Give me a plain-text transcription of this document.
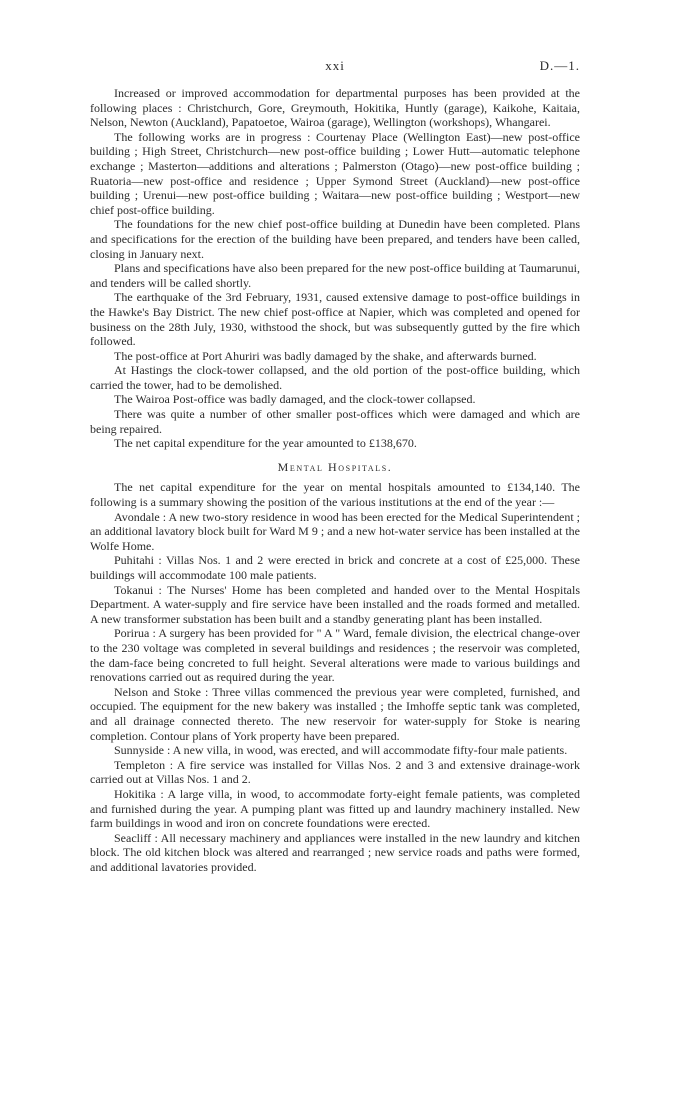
xxi	D.—1.

Increased or improved accommodation for departmental purposes has been provided at the following places : Christchurch, Gore, Greymouth, Hokitika, Huntly (garage), Kaikohe, Kaitaia, Nelson, Newton (Auckland), Papatoetoe, Wairoa (garage), Wellington (workshops), Whangarei.

The following works are in progress : Courtenay Place (Wellington East)—new post-office building ; High Street, Christchurch—new post-office building ; Lower Hutt—automatic telephone exchange ; Masterton—additions and alterations ; Palmerston (Otago)—new post-office building ; Ruatoria—new post-office and residence ; Upper Symond Street (Auckland)—new post-office building ; Urenui—new post-office building ; Waitara—new post-office building ; Westport—new chief post-office building.

The foundations for the new chief post-office building at Dunedin have been completed. Plans and specifications for the erection of the building have been prepared, and tenders have been called, closing in January next.

Plans and specifications have also been prepared for the new post-office building at Taumarunui, and tenders will be called shortly.

The earthquake of the 3rd February, 1931, caused extensive damage to post-office buildings in the Hawke's Bay District. The new chief post-office at Napier, which was completed and opened for business on the 28th July, 1930, withstood the shock, but was subsequently gutted by the fire which followed.

The post-office at Port Ahuriri was badly damaged by the shake, and afterwards burned.

At Hastings the clock-tower collapsed, and the old portion of the post-office building, which carried the tower, had to be demolished.

The Wairoa Post-office was badly damaged, and the clock-tower collapsed.

There was quite a number of other smaller post-offices which were damaged and which are being repaired.

The net capital expenditure for the year amounted to £138,670.

Mental Hospitals.

The net capital expenditure for the year on mental hospitals amounted to £134,140. The following is a summary showing the position of the various institutions at the end of the year :—

Avondale : A new two-story residence in wood has been erected for the Medical Superintendent ; an additional lavatory block built for Ward M 9 ; and a new hot-water service has been installed at the Wolfe Home.

Puhitahi : Villas Nos. 1 and 2 were erected in brick and concrete at a cost of £25,000. These buildings will accommodate 100 male patients.

Tokanui : The Nurses' Home has been completed and handed over to the Mental Hospitals Department. A water-supply and fire service have been installed and the roads formed and metalled. A new transformer substation has been built and a standby generating plant has been installed.

Porirua : A surgery has been provided for " A " Ward, female division, the electrical change-over to the 230 voltage was completed in several buildings and residences ; the reservoir was completed, the dam-face being concreted to full height. Several alterations were made to various buildings and renovations carried out as required during the year.

Nelson and Stoke : Three villas commenced the previous year were completed, furnished, and occupied. The equipment for the new bakery was installed ; the Imhoffe septic tank was completed, and all drainage connected thereto. The new reservoir for water-supply for Stoke is nearing completion. Contour plans of York property have been prepared.

Sunnyside : A new villa, in wood, was erected, and will accommodate fifty-four male patients.

Templeton : A fire service was installed for Villas Nos. 2 and 3 and extensive drainage-work carried out at Villas Nos. 1 and 2.

Hokitika : A large villa, in wood, to accommodate forty-eight female patients, was completed and furnished during the year. A pumping plant was fitted up and laundry machinery installed. New farm buildings in wood and iron on concrete foundations were erected.

Seacliff : All necessary machinery and appliances were installed in the new laundry and kitchen block. The old kitchen block was altered and rearranged ; new service roads and paths were formed, and additional lavatories provided.
